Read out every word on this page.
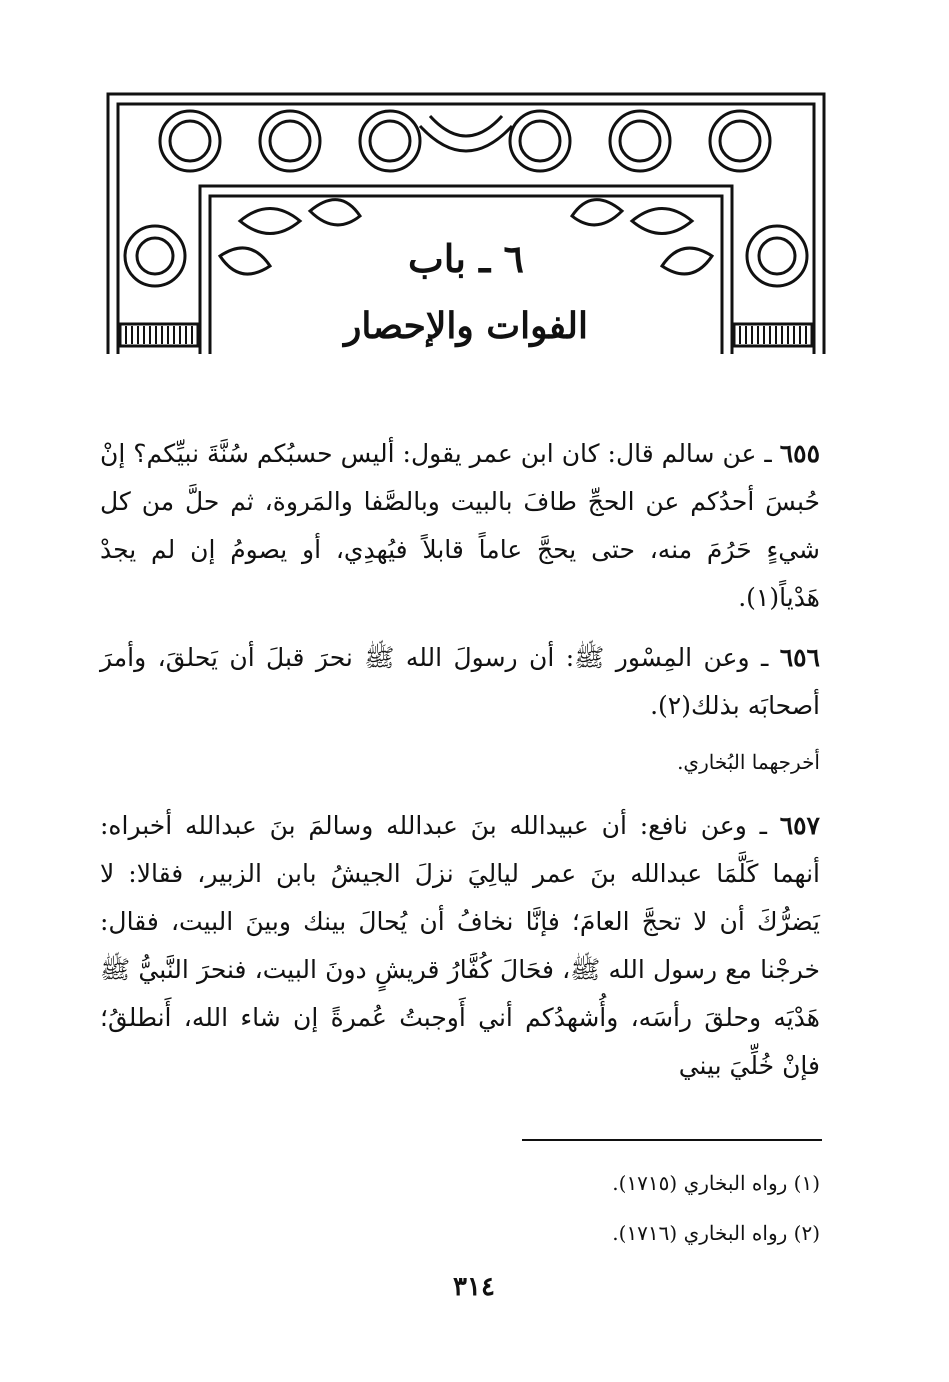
٦ ـ باب
الفوات والإحصار

٦٥٥ ـ عن سالم قال: كان ابن عمر يقول: أليس حسبُكم سُنَّةَ نبيِّكم؟ إنْ حُبسَ أحدُكم عن الحجِّ طافَ بالبيت وبالصَّفا والمَروة، ثم حلَّ من كل شيءٍ حَرُمَ منه، حتى يحجَّ عاماً قابلاً فيُهدِي، أو يصومُ إن لم يجدْ هَدْياً(١).

٦٥٦ ـ وعن المِسْور ﷺ: أن رسولَ الله ﷺ نحرَ قبلَ أن يَحلقَ، وأمرَ أصحابَه بذلك(٢).

أخرجهما البُخاري.

٦٥٧ ـ وعن نافع: أن عبيدالله بنَ عبدالله وسالمَ بنَ عبدالله أخبراه: أنهما كَلَّمَا عبدالله بنَ عمر ليالِيَ نزلَ الجيشُ بابن الزبير، فقالا: لا يَضرُّكَ أن لا تحجَّ العامَ؛ فإنَّا نخافُ أن يُحالَ بينك وبينَ البيت، فقال: خرجْنا مع رسول الله ﷺ، فحَالَ كُفَّارُ قريشٍ دونَ البيت، فنحرَ النَّبيُّ ﷺ هَدْيَه وحلقَ رأسَه، وأُشهدُكم أني أَوجبتُ عُمرةً إن شاء الله، أَنطلقُ؛ فإنْ خُلِّيَ بيني

(١) رواه البخاري (١٧١٥).
(٢) رواه البخاري (١٧١٦).
٣١٤
